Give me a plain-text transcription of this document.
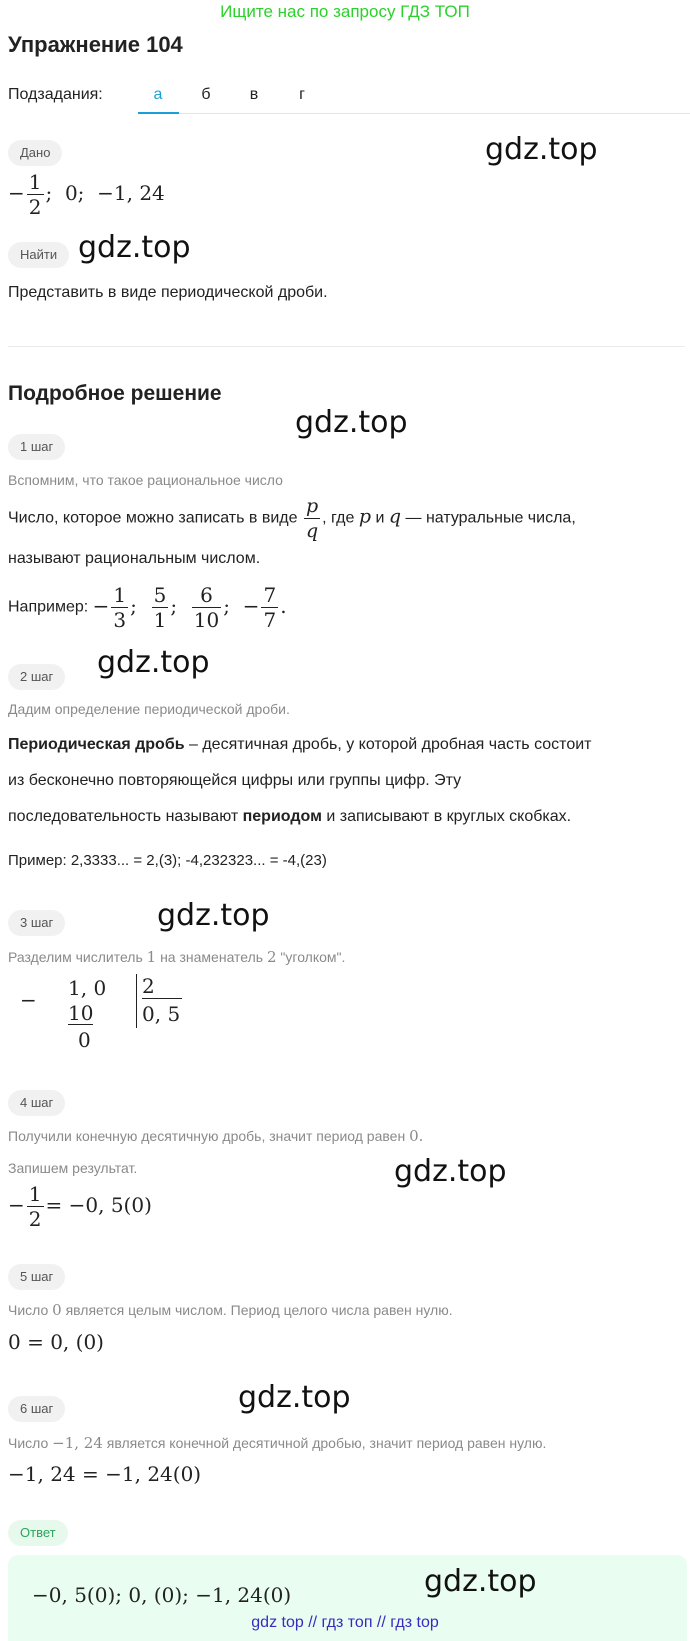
Ищите нас по запросу ГДЗ ТОП
Упражнение 104
Подзадания:	а	б	в	г
Дано	gdz.top
− $\frac{1}{2}$ ;  0;  −1, 24
Найти gdz.top
Представить в виде периодической дроби.
Подробное решение
gdz.top
1 шаг
Вспомним, что такое рациональное число
Число, которое можно записать в виде $\frac{p}{q}$ , где p и q — натуральные числа,
называют рациональным числом.
Например: − $\frac{1}{3}$ ; $\frac{5}{1}$ ; $\frac{6}{10}$ ;  − $\frac{7}{7}$ .
2 шаг	gdz.top
Дадим определение периодической дроби.
Периодическая дробь – десятичная дробь, у которой дробная часть состоит
из бесконечно повторяющейся цифры или группы цифр. Эту
последовательность называют периодом и записывают в круглых скобках.
Пример: 2,3333... = 2,(3); -4,232323... = -4,(23)
3 шаг	gdz.top
Разделим числитель 1 на знаменатель 2 "уголком".
− 1, 0
10
0
2
0, 5
4 шаг
Получили конечную десятичную дробь, значит период равен 0.
Запишем результат.	gdz.top
− $\frac{1}{2} = -0$, 5(0)
5 шаг
Число 0 является целым числом. Период целого числа равен нулю.
0 = 0, (0)
6 шаг	gdz.top
Число −1, 24 является конечной десятичной дробью, значит период равен нулю.
−1, 24 = −1, 24(0)
Ответ
−0, 5(0); 0, (0); −1, 24(0)	gdz.top
gdz top // гдз топ // гдз top
